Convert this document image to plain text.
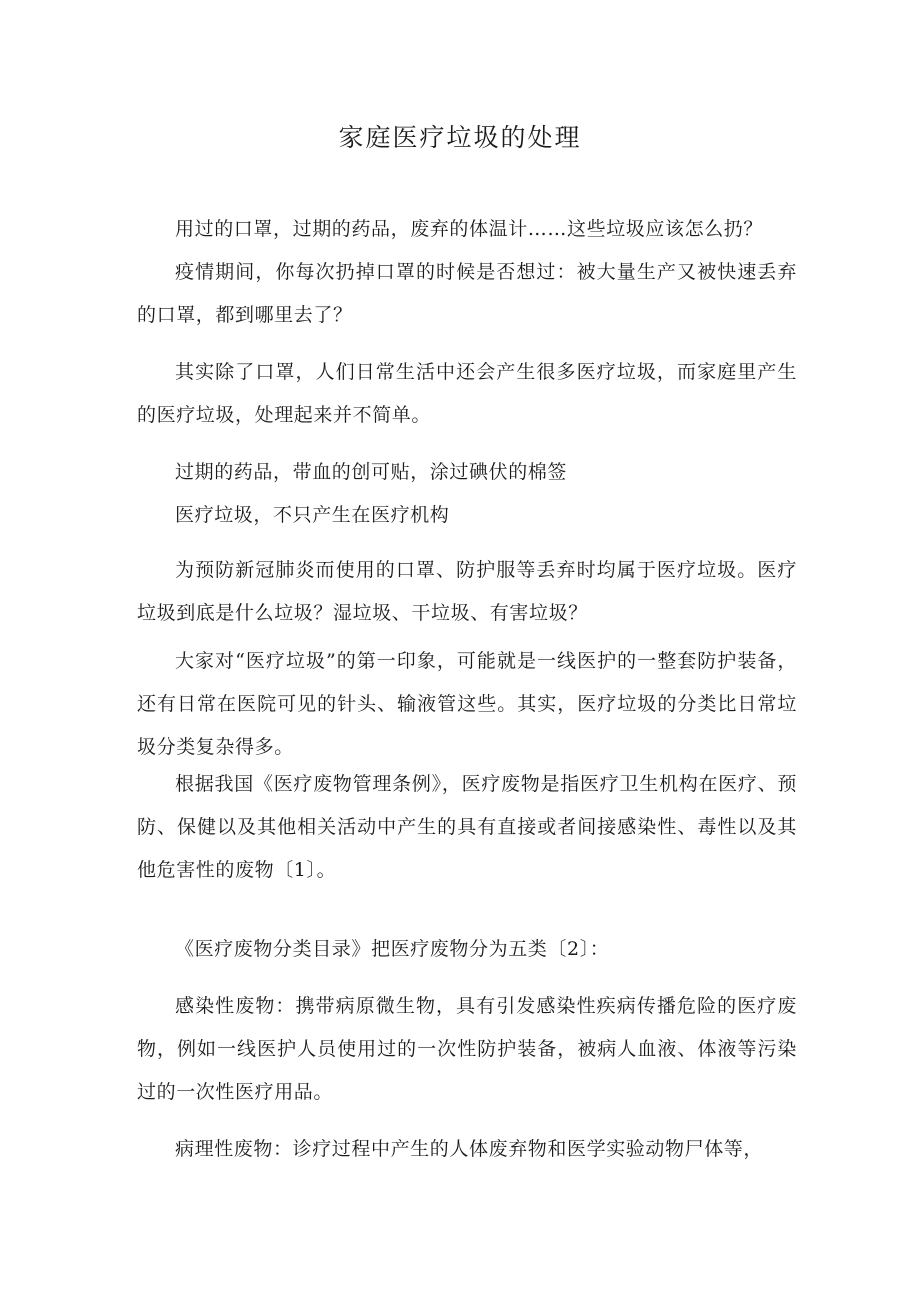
家庭医疗垃圾的处理

用过的口罩，过期的药品，废弃的体温计……这些垃圾应该怎么扔？

疫情期间，你每次扔掉口罩的时候是否想过：被大量生产又被快速丢弃的口罩，都到哪里去了？

其实除了口罩，人们日常生活中还会产生很多医疗垃圾，而家庭里产生的医疗垃圾，处理起来并不简单。

过期的药品，带血的创可贴，涂过碘伏的棉签

医疗垃圾，不只产生在医疗机构

为预防新冠肺炎而使用的口罩、防护服等丢弃时均属于医疗垃圾。医疗垃圾到底是什么垃圾？湿垃圾、干垃圾、有害垃圾？

大家对“医疗垃圾”的第一印象，可能就是一线医护的一整套防护装备，还有日常在医院可见的针头、输液管这些。其实，医疗垃圾的分类比日常垃圾分类复杂得多。

根据我国《医疗废物管理条例》，医疗废物是指医疗卫生机构在医疗、预防、保健以及其他相关活动中产生的具有直接或者间接感染性、毒性以及其他危害性的废物〔1〕。

《医疗废物分类目录》把医疗废物分为五类〔2〕：

感染性废物：携带病原微生物，具有引发感染性疾病传播危险的医疗废物，例如一线医护人员使用过的一次性防护装备，被病人血液、体液等污染过的一次性医疗用品。

病理性废物：诊疗过程中产生的人体废弃物和医学实验动物尸体等，
